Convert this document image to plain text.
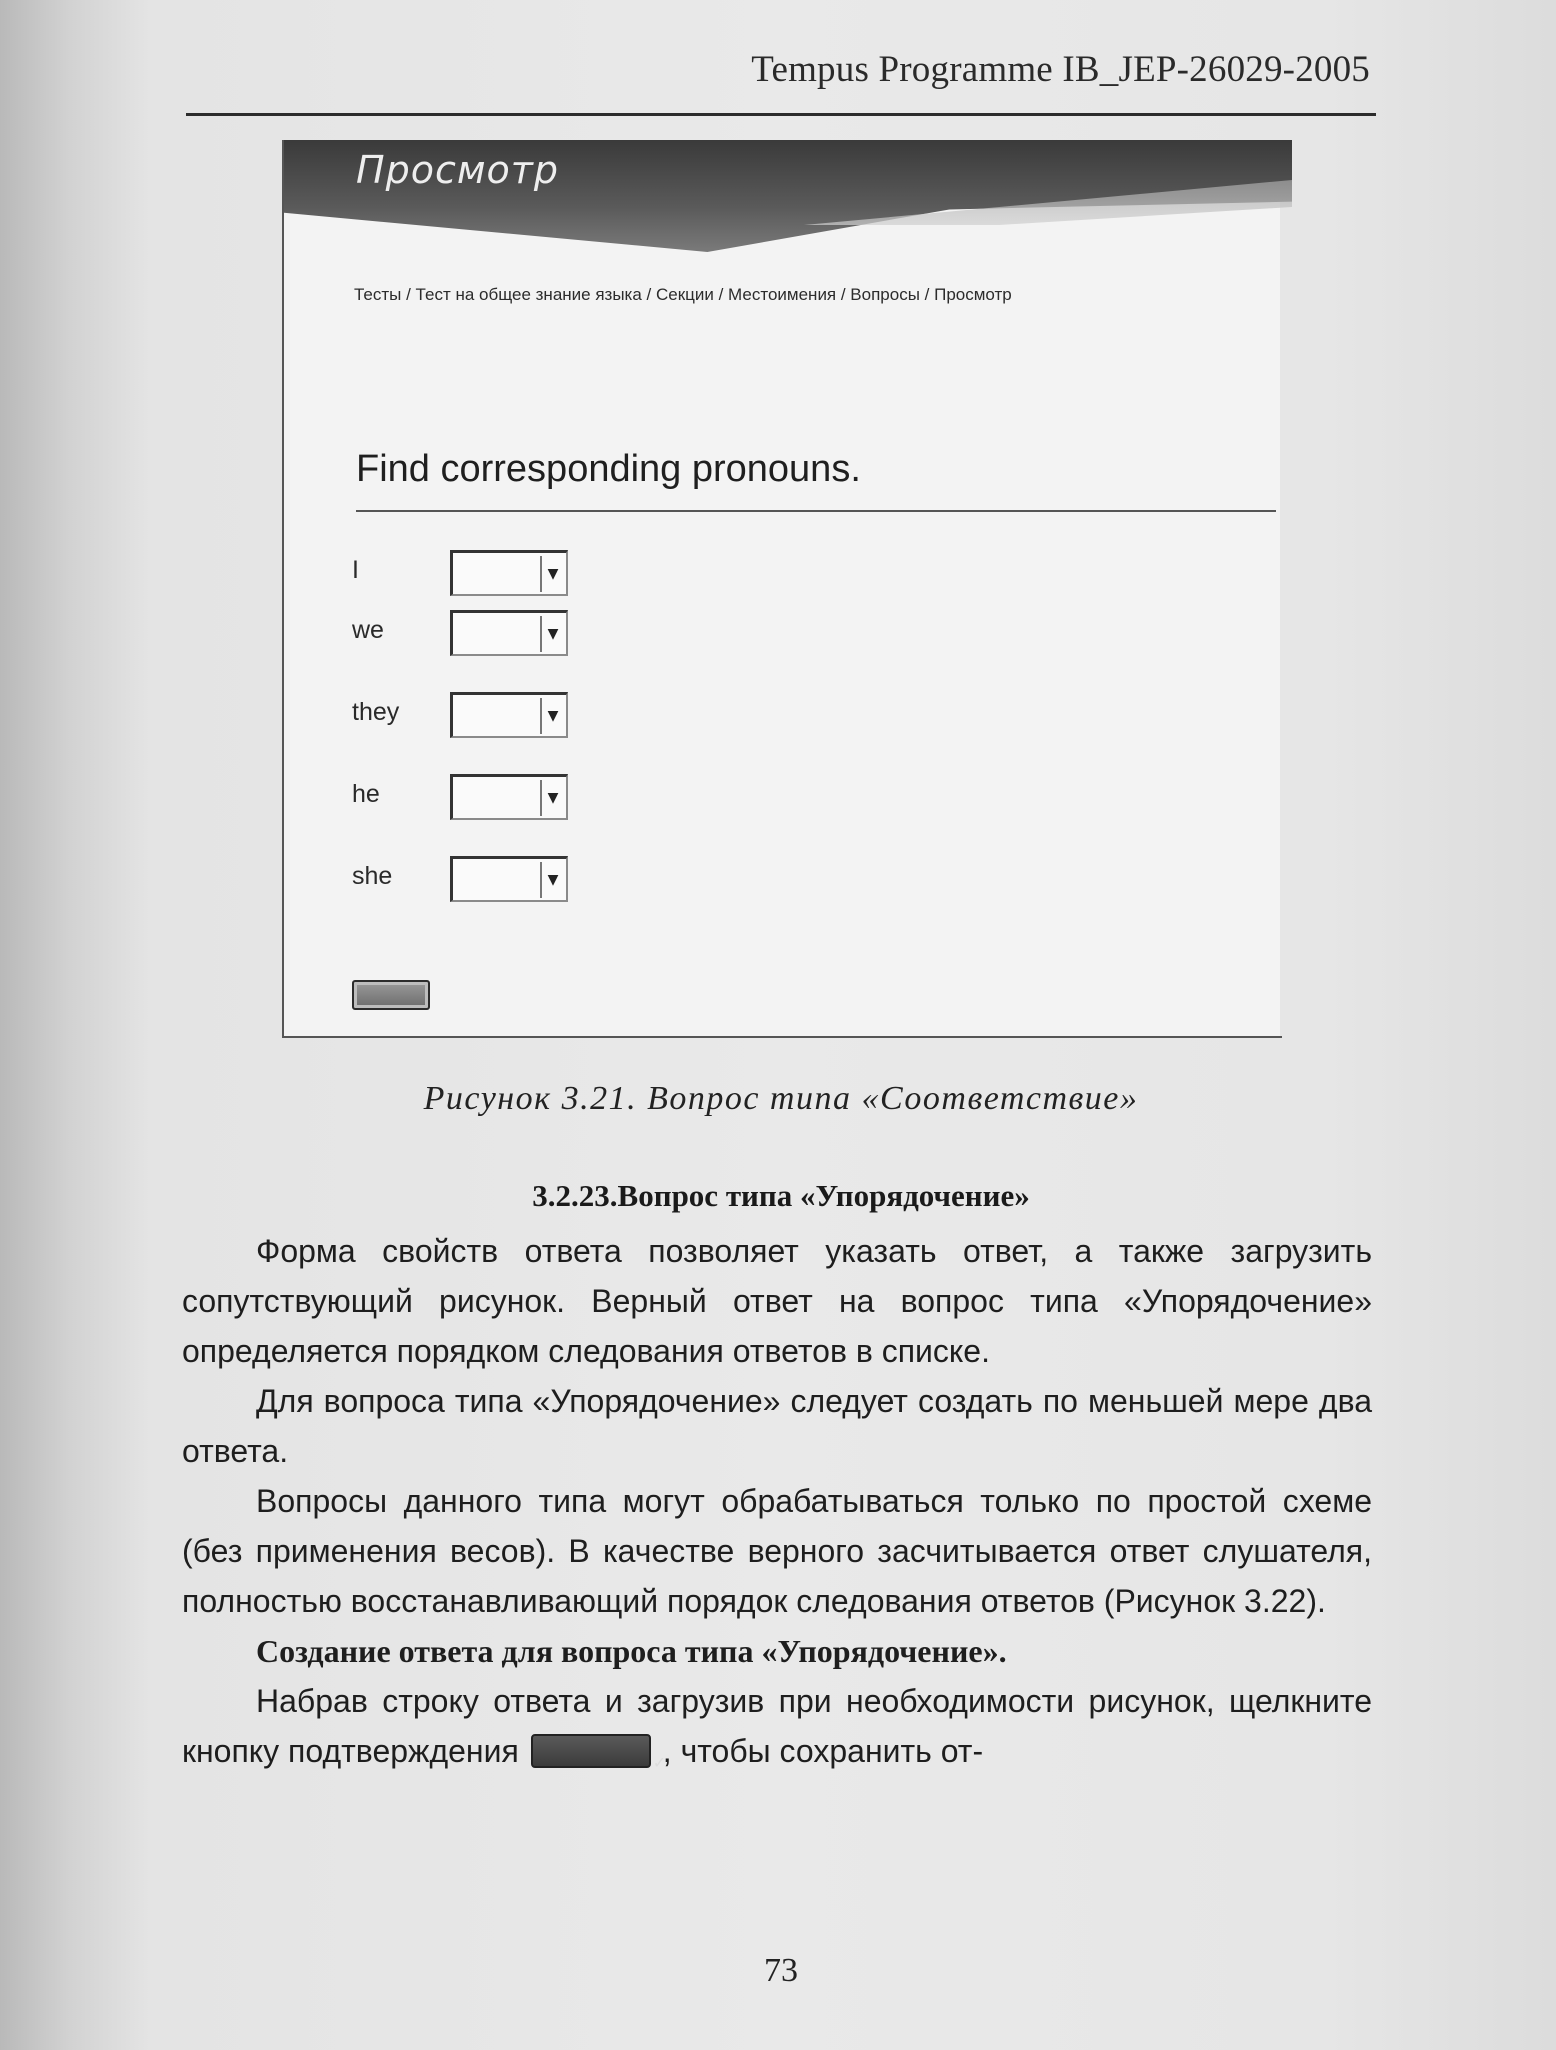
Tempus Programme IB_JEP-26029-2005
Просмотр
Тесты / Тест на общее знание языка / Секции / Местоимения / Вопросы / Просмотр
Find corresponding pronouns.
I	▼
we	▼
they	▼
he	▼
she	▼
Рисунок 3.21. Вопрос типа «Соответствие»
3.2.23.Вопрос типа «Упорядочение»

Форма свойств ответа позволяет указать ответ, а также загрузить сопутствующий рисунок. Верный ответ на вопрос типа «Упорядочение» определяется порядком следования ответов в списке.

Для вопроса типа «Упорядочение» следует создать по меньшей мере два ответа.

Вопросы данного типа могут обрабатываться только по простой схеме (без применения весов). В качестве верного засчитывается ответ слушателя, полностью восстанавливающий порядок следования ответов (Рисунок 3.22).

Создание ответа для вопроса типа «Упорядочение».

Набрав строку ответа и загрузив при необходимости рисунок, щелкните кнопку подтверждения	✓
, чтобы сохранить от-

73
